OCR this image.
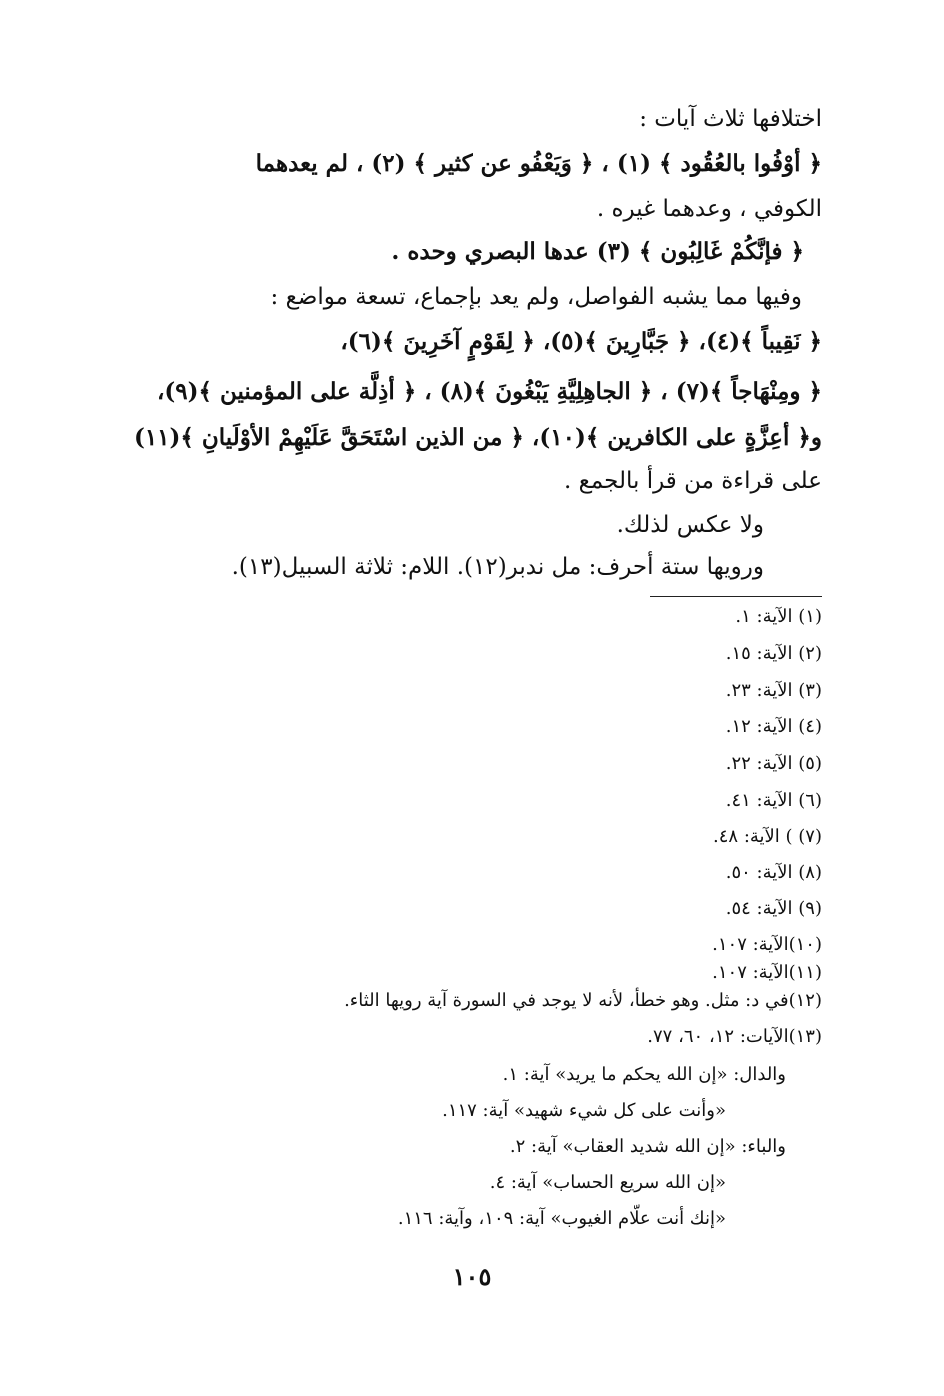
اختلافها ثلاث آيات :
﴿ أوْفُوا بالعُقُود ﴾ (١) ، ﴿ وَيَعْفُو عن كثير ﴾ (٢) ، لم يعدهما
الكوفي ، وعدهما غيره .
﴿ فإنَّكُمْ غَالِبُون ﴾ (٣) عدها البصري وحده .
وفيها مما يشبه الفواصل، ولم يعد بإجماع، تسعة مواضع :
﴿ نَقِيباً ﴾(٤)، ﴿ جَبَّارِينَ ﴾(٥)، ﴿ لِقَوْمٍ آخَرِينَ ﴾(٦)،
﴿ ومِنْهَاجاً ﴾(٧) ، ﴿ الجاهِلِيَّةِ يَبْغُونَ ﴾(٨) ، ﴿ أذِلَّة على المؤمنين ﴾(٩)،
و﴿ أعِزَّةٍ على الكافرين ﴾(١٠)، ﴿ من الذين اسْتَحَقَّ عَلَيْهِمْ الأوْلَيانِ ﴾(١١)
على قراءة من قرأ بالجمع .
ولا عكس لذلك.
ورويها ستة أحرف: مل ندبر(١٢). اللام: ثلاثة السبيل(١٣).
(١) الآية: ١.
(٢) الآية: ١٥.
(٣) الآية: ٢٣.
(٤) الآية: ١٢.
(٥) الآية: ٢٢.
(٦) الآية: ٤١.
(٧) ) الآية: ٤٨.
(٨) الآية: ٥٠.
(٩) الآية: ٥٤.
(١٠)الآية: ١٠٧.
(١١)الآية: ١٠٧.
(١٢)في د: مثل. وهو خطأ، لأنه لا يوجد في السورة آية رويها الثاء.
(١٣)الآيات: ١٢، ٦٠، ٧٧.
والدال: «إن الله يحكم ما يريد» آية: ١.
«وأنت على كل شيء شهيد» آية: ١١٧.
والباء: «إن الله شديد العقاب» آية: ٢.
«إن الله سريع الحساب» آية: ٤.
«إنك أنت علّام الغيوب» آية: ١٠٩، وآية: ١١٦.
١٠٥
